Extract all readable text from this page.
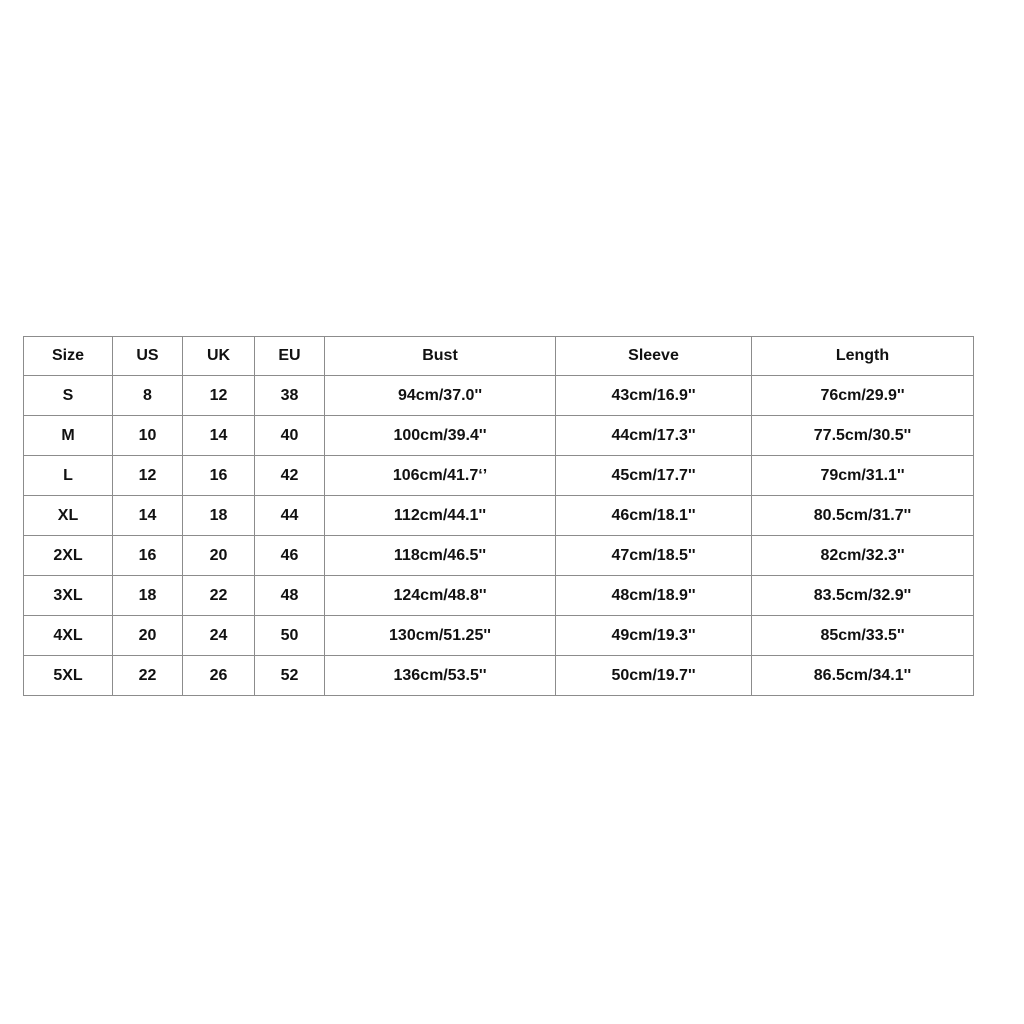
Size	US	UK	EU	Bust	Sleeve	Length
S	8	12	38	94cm/37.0''	43cm/16.9''	76cm/29.9''
M	10	14	40	100cm/39.4''	44cm/17.3''	77.5cm/30.5''
L	12	16	42	106cm/41.7‘’	45cm/17.7''	79cm/31.1''
XL	14	18	44	112cm/44.1''	46cm/18.1''	80.5cm/31.7''
2XL	16	20	46	118cm/46.5''	47cm/18.5''	82cm/32.3''
3XL	18	22	48	124cm/48.8''	48cm/18.9''	83.5cm/32.9''
4XL	20	24	50	130cm/51.25''	49cm/19.3''	85cm/33.5''
5XL	22	26	52	136cm/53.5''	50cm/19.7''	86.5cm/34.1''
